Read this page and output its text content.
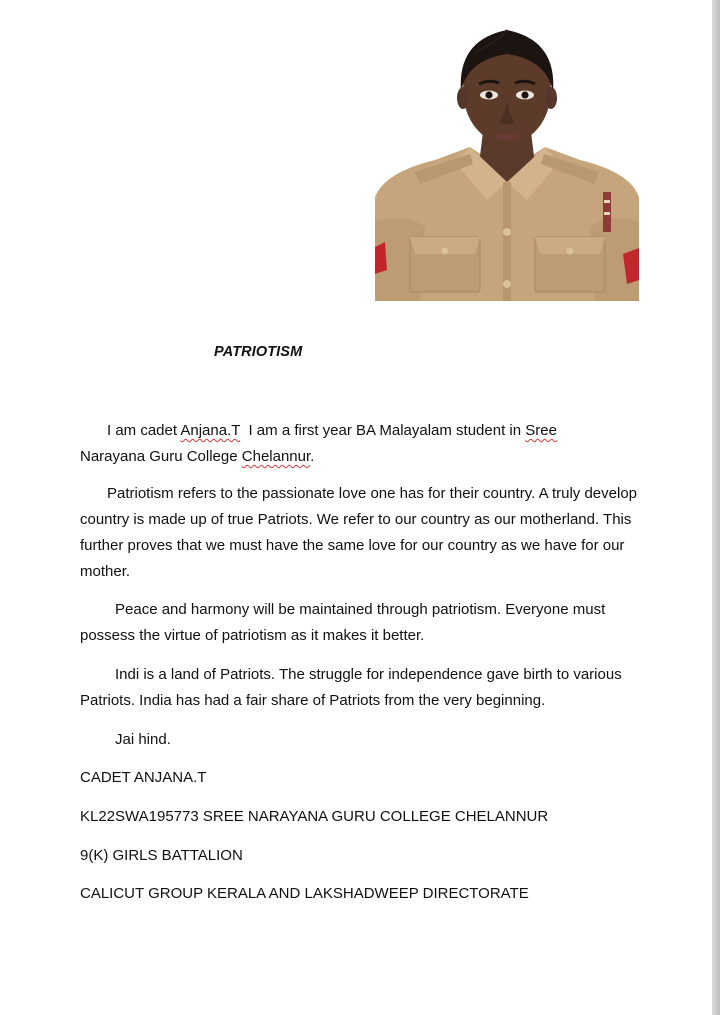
PATRIOTISM

I am cadet Anjana.T  I am a first year BA Malayalam student in Sree
Narayana Guru College Chelannur.

Patriotism refers to the passionate love one has for their country. A truly develop country is made up of true Patriots. We refer to our country as our motherland. This further proves that we must have the same love for our country as we have for our mother.

Peace and harmony will be maintained through patriotism. Everyone must possess the virtue of patriotism as it makes it better.

Indi is a land of Patriots. The struggle for independence gave birth to various Patriots. India has had a fair share of Patriots from the very beginning.

Jai hind.

CADET ANJANA.T
KL22SWA195773 SREE NARAYANA GURU COLLEGE CHELANNUR
9(K) GIRLS BATTALION
CALICUT GROUP KERALA AND LAKSHADWEEP DIRECTORATE
